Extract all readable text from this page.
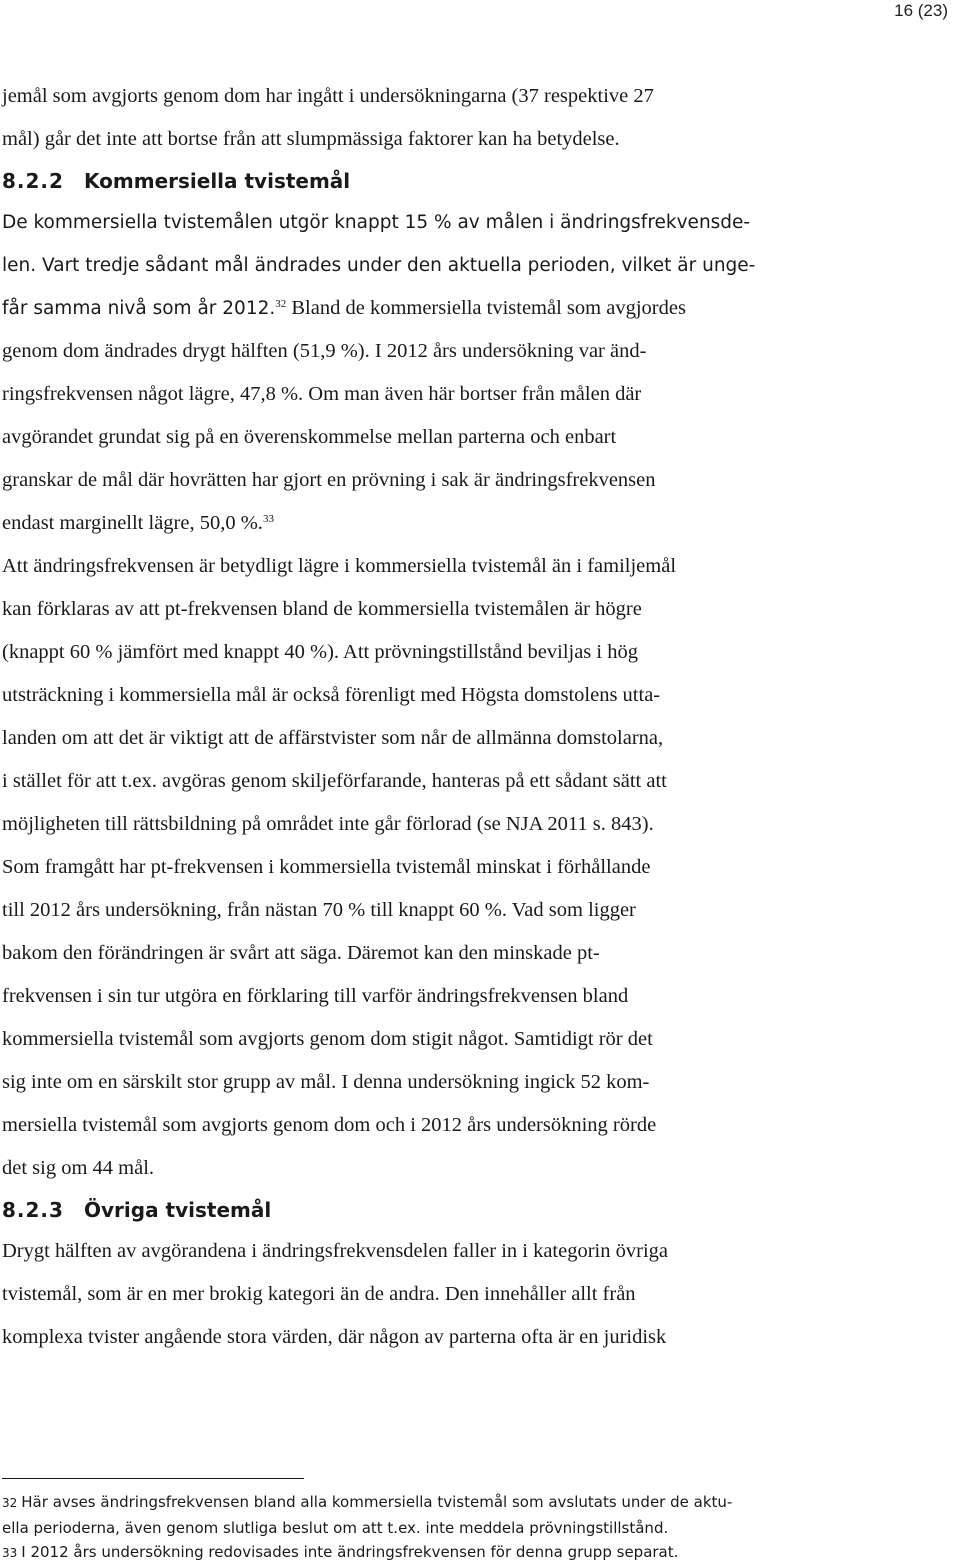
16 (23)

jemål som avgjorts genom dom har ingått i undersökningarna (37 respektive 27
mål) går det inte att bortse från att slumpmässiga faktorer kan ha betydelse.

8.2.2 Kommersiella tvistemål

De kommersiella tvistemålen utgör knappt 15 % av målen i ändringsfrekvensde-
len. Vart tredje sådant mål ändrades under den aktuella perioden, vilket är unge-
får samma nivå som år 2012.32 Bland de kommersiella tvistemål som avgjordes
genom dom ändrades drygt hälften (51,9 %). I 2012 års undersökning var änd-
ringsfrekvensen något lägre, 47,8 %. Om man även här bortser från målen där
avgörandet grundat sig på en överenskommelse mellan parterna och enbart
granskar de mål där hovrätten har gjort en prövning i sak är ändringsfrekvensen
endast marginellt lägre, 50,0 %.$^{33}$

Att ändringsfrekvensen är betydligt lägre i kommersiella tvistemål än i familjemål
kan förklaras av att pt-frekvensen bland de kommersiella tvistemålen är högre
(knappt 60 % jämfört med knappt 40 %). Att prövningstillstånd beviljas i hög
utsträckning i kommersiella mål är också förenligt med Högsta domstolens utta-
landen om att det är viktigt att de affärstvister som når de allmänna domstolarna,
i stället för att t.ex. avgöras genom skiljeförfarande, hanteras på ett sådant sätt att
möjligheten till rättsbildning på området inte går förlorad (se NJA 2011 s. 843).

Som framgått har pt-frekvensen i kommersiella tvistemål minskat i förhållande
till 2012 års undersökning, från nästan 70 % till knappt 60 %. Vad som ligger
bakom den förändringen är svårt att säga. Däremot kan den minskade pt-
frekvensen i sin tur utgöra en förklaring till varför ändringsfrekvensen bland
kommersiella tvistemål som avgjorts genom dom stigit något. Samtidigt rör det
sig inte om en särskilt stor grupp av mål. I denna undersökning ingick 52 kom-
mersiella tvistemål som avgjorts genom dom och i 2012 års undersökning rörde
det sig om 44 mål.

8.2.3 Övriga tvistemål

Drygt hälften av avgörandena i ändringsfrekvensdelen faller in i kategorin övriga
tvistemål, som är en mer brokig kategori än de andra. Den innehåller allt från
komplexa tvister angående stora värden, där någon av parterna ofta är en juridisk

32 Här avses ändringsfrekvensen bland alla kommersiella tvistemål som avslutats under de aktu-
ella perioderna, även genom slutliga beslut om att t.ex. inte meddela prövningstillstånd.
33 I 2012 års undersökning redovisades inte ändringsfrekvensen för denna grupp separat.
